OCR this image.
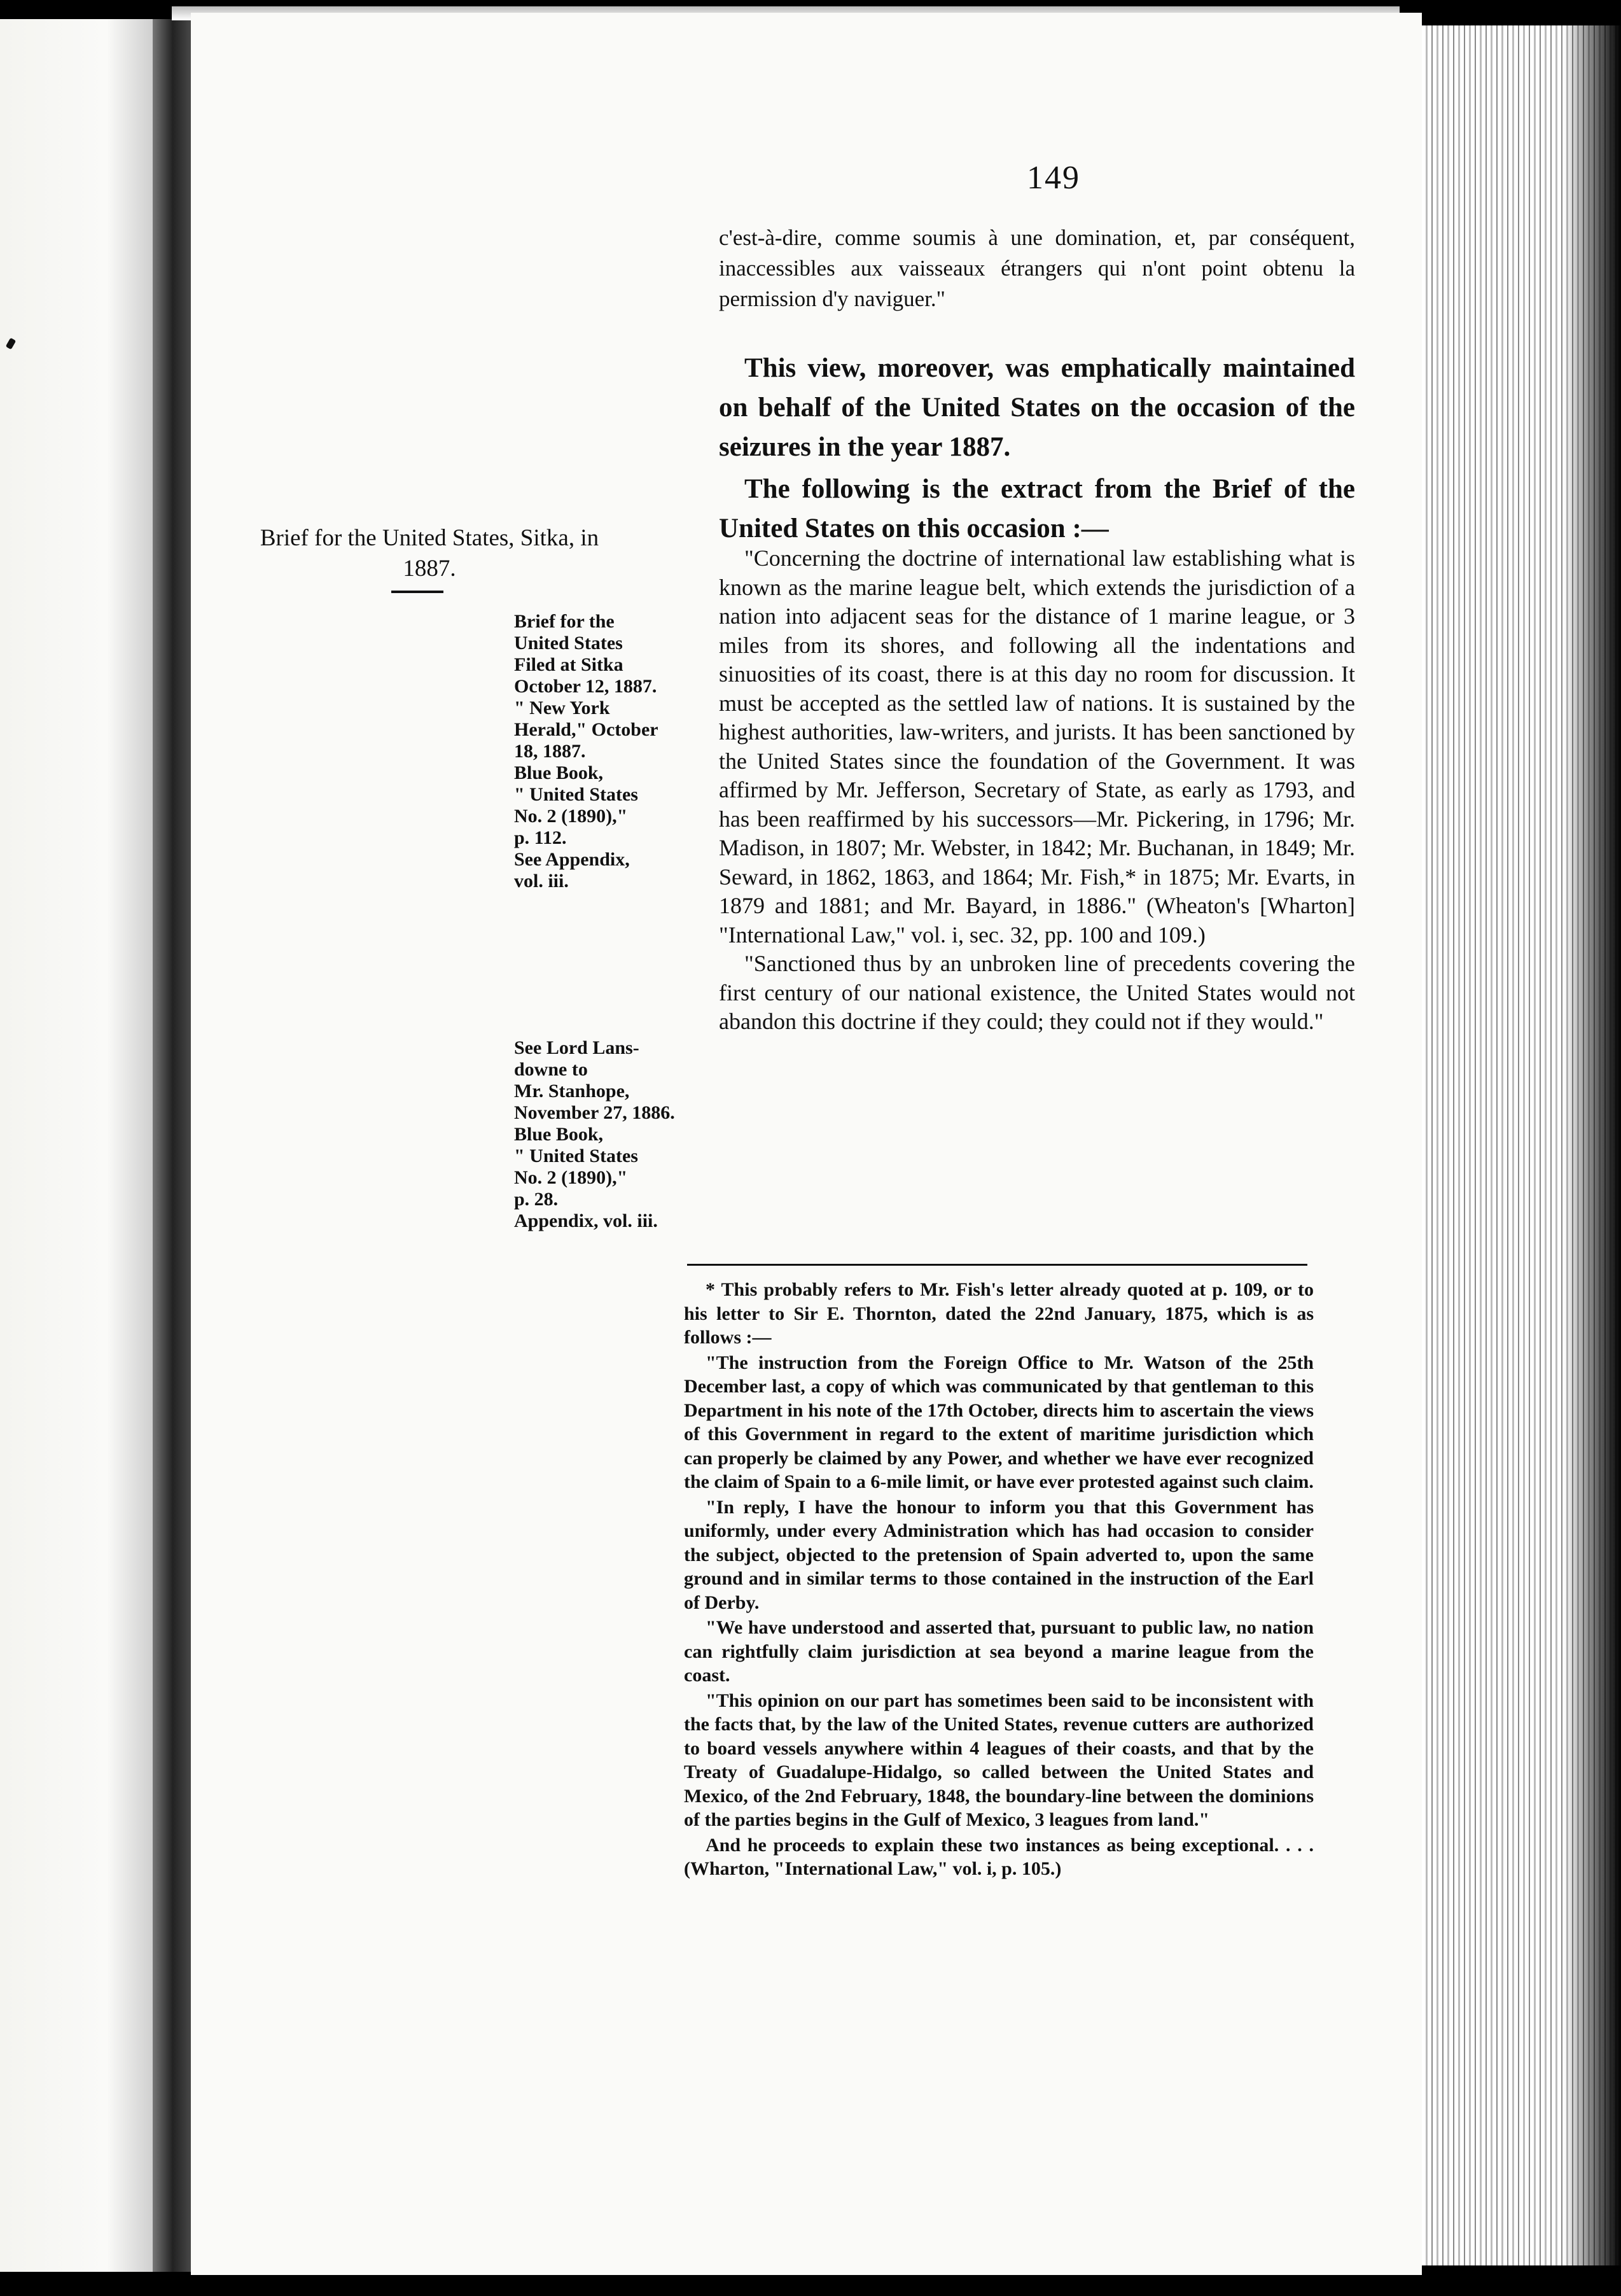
149

c'est-à-dire, comme soumis à une domination, et, par conséquent, inaccessibles aux vaisseaux étrangers qui n'ont point obtenu la permission d'y naviguer."

This view, moreover, was emphatically maintained on behalf of the United States on the occasion of the seizures in the year 1887.

The following is the extract from the Brief of the United States on this occasion :—

"Concerning the doctrine of international law establishing what is known as the marine league belt, which extends the jurisdiction of a nation into adjacent seas for the distance of 1 marine league, or 3 miles from its shores, and following all the indentations and sinuosities of its coast, there is at this day no room for discussion. It must be accepted as the settled law of nations. It is sustained by the highest authorities, law-writers, and jurists. It has been sanctioned by the United States since the foundation of the Government. It was affirmed by Mr. Jefferson, Secretary of State, as early as 1793, and has been reaffirmed by his successors—Mr. Pickering, in 1796; Mr. Madison, in 1807; Mr. Webster, in 1842; Mr. Buchanan, in 1849; Mr. Seward, in 1862, 1863, and 1864; Mr. Fish,* in 1875; Mr. Evarts, in 1879 and 1881; and Mr. Bayard, in 1886." (Wheaton's [Wharton] "International Law," vol. i, sec. 32, pp. 100 and 109.)

"Sanctioned thus by an unbroken line of precedents covering the first century of our national existence, the United States would not abandon this doctrine if they could; they could not if they would."

Brief for the United States, Sitka, in 1887.
Brief for the
United States
Filed at Sitka
October 12, 1887.
" New York
Herald," October
18, 1887.
Blue Book,
" United States
No. 2 (1890),"
p. 112.
See Appendix,
vol. iii.
See Lord Lans-
downe to
Mr. Stanhope,
November 27, 1886.
Blue Book,
" United States
No. 2 (1890),"
p. 28.
Appendix, vol. iii.

* This probably refers to Mr. Fish's letter already quoted at p. 109, or to his letter to Sir E. Thornton, dated the 22nd January, 1875, which is as follows :—

"The instruction from the Foreign Office to Mr. Watson of the 25th December last, a copy of which was communicated by that gentleman to this Department in his note of the 17th October, directs him to ascertain the views of this Government in regard to the extent of maritime jurisdiction which can properly be claimed by any Power, and whether we have ever recognized the claim of Spain to a 6-mile limit, or have ever protested against such claim.

"In reply, I have the honour to inform you that this Government has uniformly, under every Administration which has had occasion to consider the subject, objected to the pretension of Spain adverted to, upon the same ground and in similar terms to those contained in the instruction of the Earl of Derby.

"We have understood and asserted that, pursuant to public law, no nation can rightfully claim jurisdiction at sea beyond a marine league from the coast.

"This opinion on our part has sometimes been said to be inconsistent with the facts that, by the law of the United States, revenue cutters are authorized to board vessels anywhere within 4 leagues of their coasts, and that by the Treaty of Guadalupe-Hidalgo, so called between the United States and Mexico, of the 2nd February, 1848, the boundary-line between the dominions of the parties begins in the Gulf of Mexico, 3 leagues from land."

And he proceeds to explain these two instances as being exceptional. . . . (Wharton, "International Law," vol. i, p. 105.)
